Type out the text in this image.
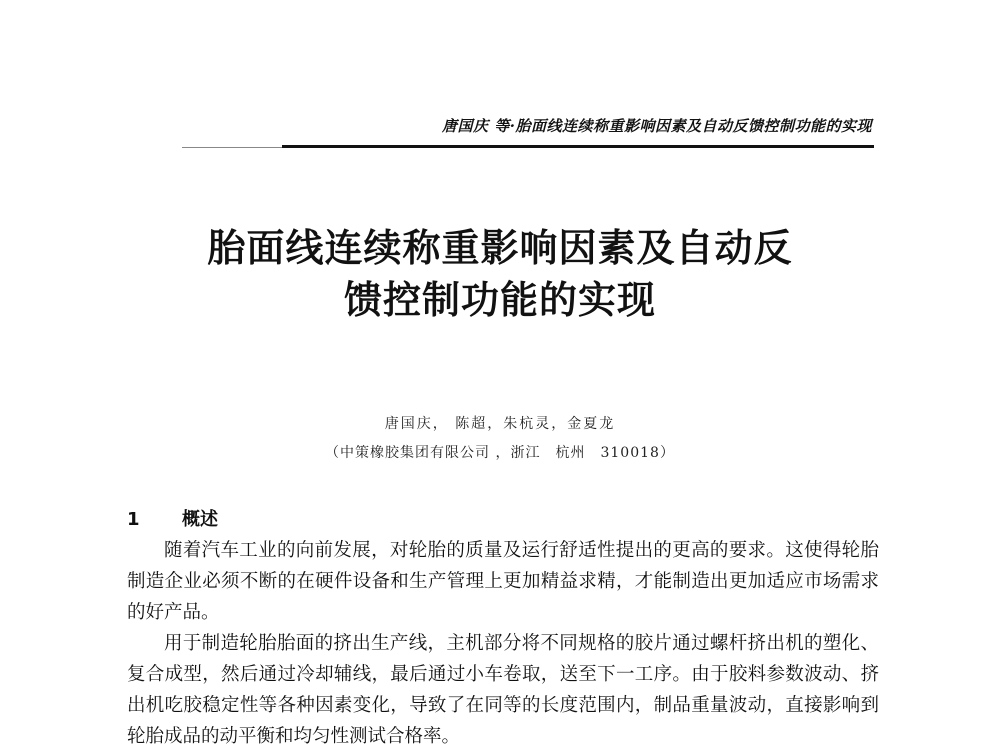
唐国庆 等·胎面线连续称重影响因素及自动反馈控制功能的实现
胎面线连续称重影响因素及自动反
馈控制功能的实现
唐国庆， 陈超，朱杭灵，金夏龙
（中策橡胶集团有限公司 ，浙江　杭州　310018）
1 概述

随着汽车工业的向前发展，对轮胎的质量及运行舒适性提出的更高的要求。这使得轮胎制造企业必须不断的在硬件设备和生产管理上更加精益求精，才能制造出更加适应市场需求的好产品。

用于制造轮胎胎面的挤出生产线，主机部分将不同规格的胶片通过螺杆挤出机的塑化、复合成型，然后通过冷却辅线，最后通过小车卷取，送至下一工序。由于胶料参数波动、挤出机吃胶稳定性等各种因素变化，导致了在同等的长度范围内，制品重量波动，直接影响到轮胎成品的动平衡和均匀性测试合格率。
